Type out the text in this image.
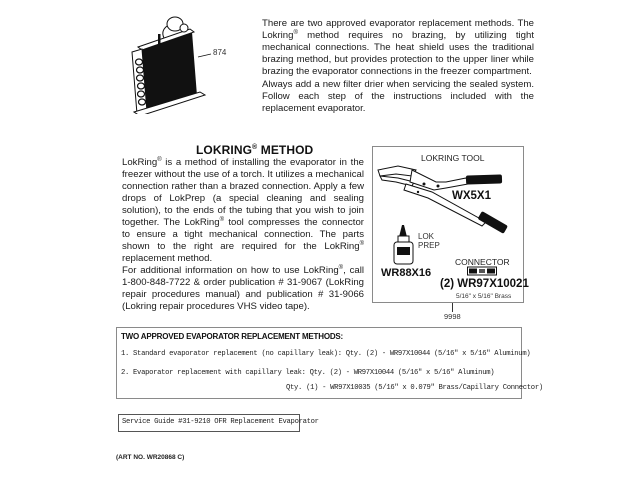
There are two approved evaporator replacement methods. The Lokring® method requires no brazing, by utilizing tight mechanical connections. The heat shield uses the traditional brazing method, but provides protection to the upper liner while brazing the evaporator connections in the freezer compartment.
Always add a new filter drier when servicing the sealed system. Follow each step of the instructions included with the replacement evaporator.
874
LOKRING® METHOD
LokRing® is a method of installing the evaporator in the freezer without the use of a torch. It utilizes a mechanical connection rather than a brazed connection. Apply a few drops of LokPrep (a special cleaning and sealing solution), to the ends of the tubing that you wish to join together. The LokRing® tool compresses the connector to ensure a tight mechanical connection. The parts shown to the right are required for the LokRing® replacement method.
For additional information on how to use LokRing®, call 1-800-848-7722 & order publication # 31-9067 (LokRing repair procedures manual) and publication # 31-9066 (Lokring repair procedures VHS video tape).
LOKRING TOOL
WX5X1
LOK
PREP
WR88X16
CONNECTOR
(2) WR97X10021
5/16" x 5/16" Brass
9998
TWO APPROVED EVAPORATOR REPLACEMENT METHODS:
1. Standard evaporator replacement (no capillary leak): Qty. (2) - WR97X10044 (5/16" x 5/16" Aluminum)
2. Evaporator replacement with capillary leak: Qty. (2) - WR97X10044 (5/16" x 5/16" Aluminum)
Qty. (1) - WR97X10035 (5/16" x 0.079" Brass/Capillary Connector)
Service Guide #31-9210 OFR Replacement Evaporator
(ART NO. WR20868 C)
